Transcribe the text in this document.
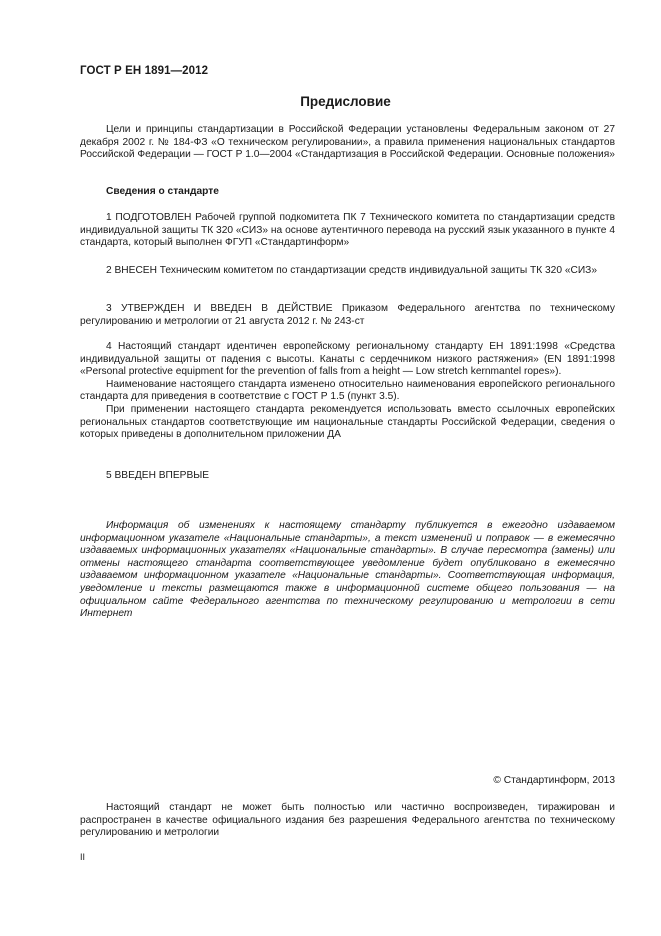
ГОСТ Р ЕН 1891—2012
Предисловие

Цели и принципы стандартизации в Российской Федерации установлены Федеральным законом от 27 декабря 2002 г. № 184-ФЗ «О техническом регулировании», а правила применения национальных стандартов Российской Федерации — ГОСТ Р 1.0—2004 «Стандартизация в Российской Федерации. Основные положения»

Сведения о стандарте

1 ПОДГОТОВЛЕН Рабочей группой подкомитета ПК 7 Технического комитета по стандартизации средств индивидуальной защиты ТК 320 «СИЗ» на основе аутентичного перевода на русский язык указанного в пункте 4 стандарта, который выполнен ФГУП «Стандартинформ»

2 ВНЕСЕН Техническим комитетом по стандартизации средств индивидуальной защиты ТК 320 «СИЗ»

3 УТВЕРЖДЕН И ВВЕДЕН В ДЕЙСТВИЕ Приказом Федерального агентства по техническому регулированию и метрологии от 21 августа 2012 г. № 243-ст

4 Настоящий стандарт идентичен европейскому региональному стандарту ЕН 1891:1998 «Средства индивидуальной защиты от падения с высоты. Канаты с сердечником низкого растяжения» (EN 1891:1998 «Personal protective equipment for the prevention of falls from a height — Low stretch kernmantel ropes»).

Наименование настоящего стандарта изменено относительно наименования европейского регионального стандарта для приведения в соответствие с ГОСТ Р 1.5 (пункт 3.5).

При применении настоящего стандарта рекомендуется использовать вместо ссылочных европейских региональных стандартов соответствующие им национальные стандарты Российской Федерации, сведения о которых приведены в дополнительном приложении ДА

5 ВВЕДЕН ВПЕРВЫЕ

Информация об изменениях к настоящему стандарту публикуется в ежегодно издаваемом информационном указателе «Национальные стандарты», а текст изменений и поправок — в ежемесячно издаваемых информационных указателях «Национальные стандарты». В случае пересмотра (замены) или отмены настоящего стандарта соответствующее уведомление будет опубликовано в ежемесячно издаваемом информационном указателе «Национальные стандарты». Соответствующая информация, уведомление и тексты размещаются также в информационной системе общего пользования — на официальном сайте Федерального агентства по техническому регулированию и метрологии в сети Интернет

© Стандартинформ, 2013

Настоящий стандарт не может быть полностью или частично воспроизведен, тиражирован и распространен в качестве официального издания без разрешения Федерального агентства по техническому регулированию и метрологии

II
